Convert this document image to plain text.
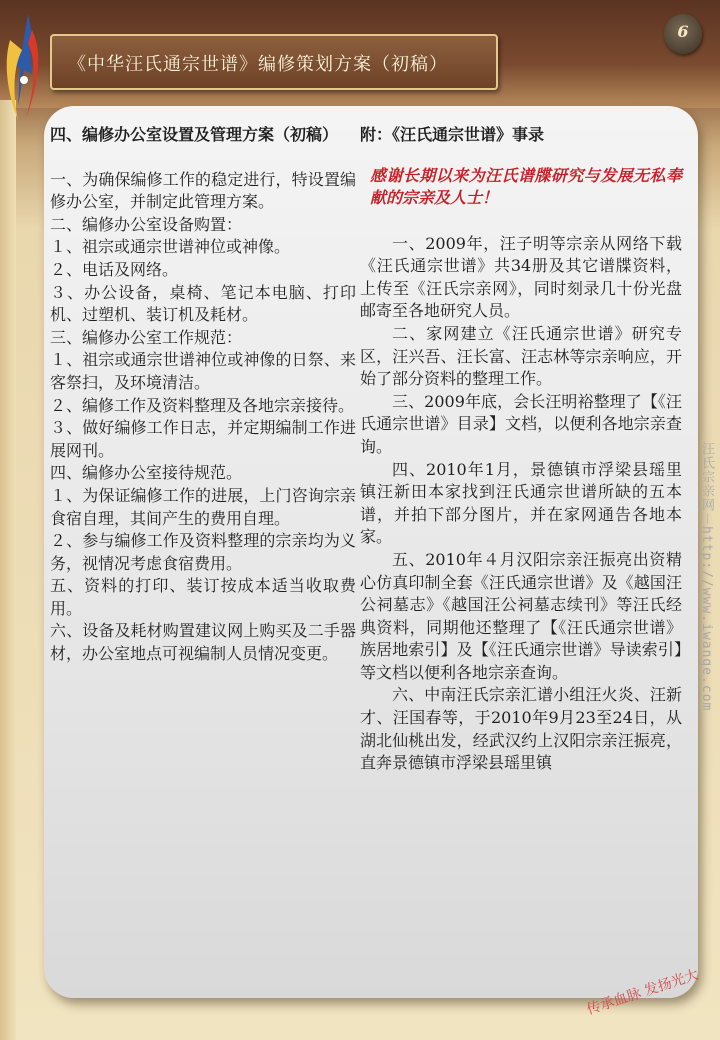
《中华汪氏通宗世谱》编修策划方案（初稿）
6

四、编修办公室设置及管理方案（初稿）

一、为确保编修工作的稳定进行，特设置编修办公室，并制定此管理方案。

二、编修办公室设备购置：

１、祖宗或通宗世谱神位或神像。

２、电话及网络。

３、办公设备，桌椅、笔记本电脑、打印机、过塑机、装订机及耗材。

三、编修办公室工作规范：

１、祖宗或通宗世谱神位或神像的日祭、来客祭扫，及环境清洁。

２、编修工作及资料整理及各地宗亲接待。

３、做好编修工作日志，并定期编制工作进展网刊。

四、编修办公室接待规范。

１、为保证编修工作的进展，上门咨询宗亲食宿自理，其间产生的费用自理。

２、参与编修工作及资料整理的宗亲均为义务，视情况考虑食宿费用。

五、资料的打印、装订按成本适当收取费用。

六、设备及耗材购置建议网上购买及二手器材，办公室地点可视编制人员情况变更。

附：《汪氏通宗世谱》事录

感谢长期以来为汪氏谱牒研究与发展无私奉献的宗亲及人士！

一、2009年，汪子明等宗亲从网络下载《汪氏通宗世谱》共34册及其它谱牒资料，上传至《汪氏宗亲网》，同时刻录几十份光盘邮寄至各地研究人员。

二、家网建立《汪氏通宗世谱》研究专区，汪兴吾、汪长富、汪志林等宗亲响应，开始了部分资料的整理工作。

三、2009年底，会长汪明裕整理了【《汪氏通宗世谱》目录】文档，以便利各地宗亲查询。

四、2010年1月，景德镇市浮梁县瑶里镇汪新田本家找到汪氏通宗世谱所缺的五本谱，并拍下部分图片，并在家网通告各地本家。

五、2010年４月汉阳宗亲汪振亮出资精心仿真印制全套《汪氏通宗世谱》及《越国汪公祠墓志》《越国汪公祠墓志续刊》等汪氏经典资料，同期他还整理了【《汪氏通宗世谱》族居地索引】及【《汪氏通宗世谱》导读索引】等文档以便利各地宗亲查询。

六、中南汪氏宗亲汇谱小组汪火炎、汪新才、汪国春等，于2010年9月23至24日，从湖北仙桃出发，经武汉约上汉阳宗亲汪振亮，直奔景德镇市浮梁县瑶里镇

汪氏宗亲网－http://www.iwange.com
传承血脉 发扬光大
